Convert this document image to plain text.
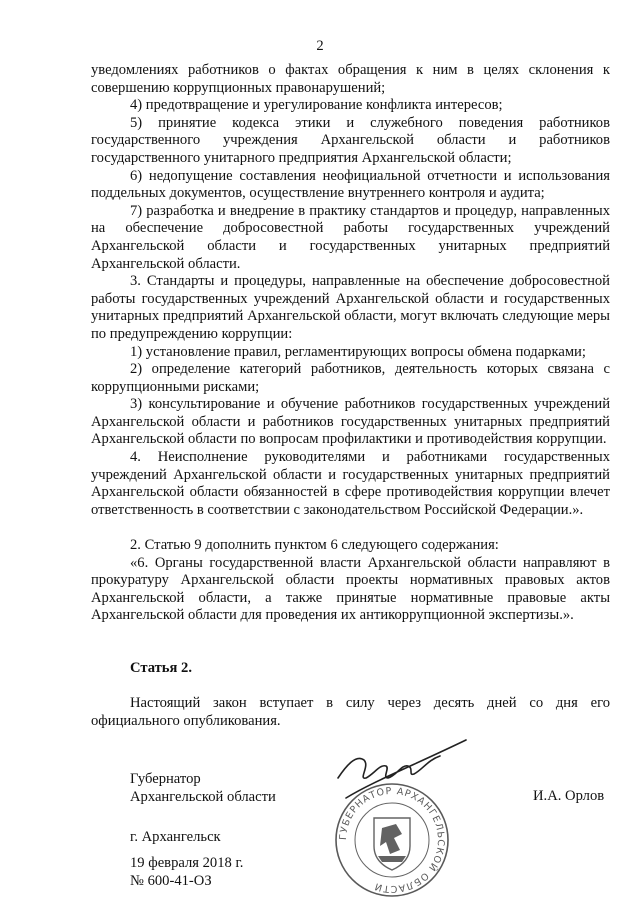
2

уведомлениях работников о фактах обращения к ним в целях склонения к совершению коррупционных правонарушений;

4) предотвращение и урегулирование конфликта интересов;

5) принятие кодекса этики и служебного поведения работников государственного учреждения Архангельской области и работников государственного унитарного предприятия Архангельской области;

6) недопущение составления неофициальной отчетности и использования поддельных документов, осуществление внутреннего контроля и аудита;

7) разработка и внедрение в практику стандартов и процедур, направленных на обеспечение добросовестной работы государственных учреждений Архангельской области и государственных унитарных предприятий Архангельской области.

3. Стандарты и процедуры, направленные на обеспечение добросовестной работы государственных учреждений Архангельской области и государственных унитарных предприятий Архангельской области, могут включать следующие меры по предупреждению коррупции:

1) установление правил, регламентирующих вопросы обмена подарками;

2) определение категорий работников, деятельность которых связана с коррупционными рисками;

3) консультирование и обучение работников государственных учреждений Архангельской области и работников государственных унитарных предприятий Архангельской области по вопросам профилактики и противодействия коррупции.

4. Неисполнение руководителями и работниками государственных учреждений Архангельской области и государственных унитарных предприятий Архангельской области обязанностей в сфере противодействия коррупции влечет ответственность в соответствии с законодательством Российской Федерации.».

2. Статью 9 дополнить пунктом 6 следующего содержания:

«6. Органы государственной власти Архангельской области направляют в прокуратуру Архангельской области проекты нормативных правовых актов Архангельской области, а также принятые нормативные правовые акты Архангельской области для проведения их антикоррупционной экспертизы.».

Статья 2.

Настоящий закон вступает в силу через десять дней со дня его официального опубликования.

ГУБЕРНАТОР АРХАНГЕЛЬСКОЙ ОБЛАСТИ
Губернатор
Архангельской области	И.А. Орлов
г. Архангельск
19 февраля 2018 г.
№ 600-41-ОЗ
